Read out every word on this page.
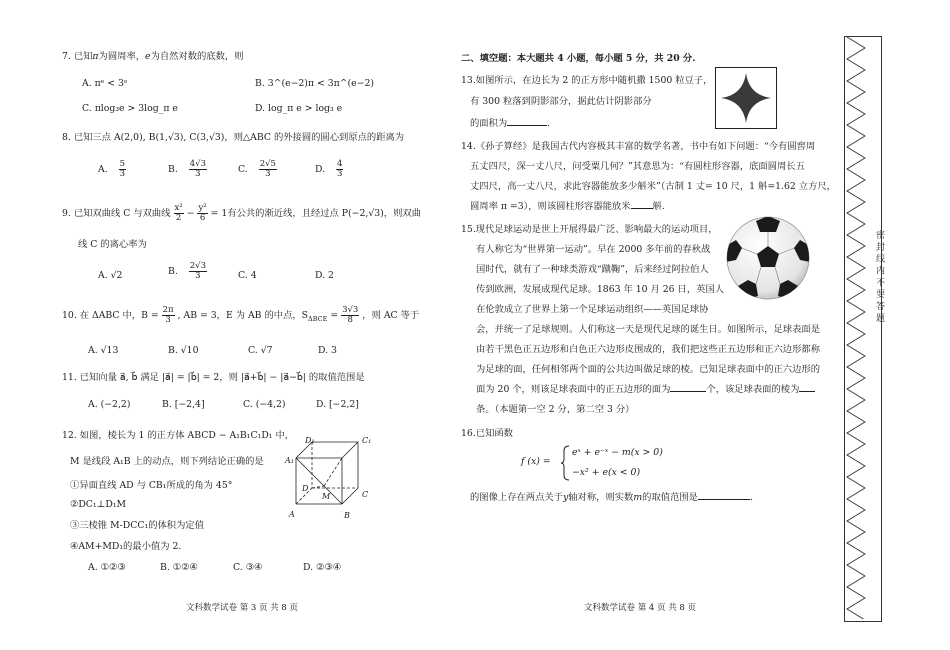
7. 已知π为圆周率，e为自然对数的底数，则
A. πᵉ < 3ᵉ	B. 3^(e−2)π < 3π^(e−2)
C. πlog₃e > 3log_π e	D. log_π e > log₃ e
8. 已知三点 A(2,0), B(1,√3), C(3,√3)，则△ABC 的外接圆的圆心到原点的距离为
A. $\frac{5}{3}$	B. $\frac{4√3}{3}$	C. $\frac{2√5}{3}$	D. $\frac{4}{3}$
9. 已知双曲线 C 与双曲线 $\frac{\text{x²}}{2} - \frac{\text{y²}}{6} = 1$有公共的渐近线，且经过点 P(−2,√3)，则双曲
线 C 的离心率为
A. √2	B. $\frac{2√3}{3}$	C. 4	D. 2
10. 在 ΔABC 中，$B = \frac{2\pi}{3}$ , AB = 3，E 为 AB 的中点，$S_{\Delta BCE} = \frac{3√3}{8}$ ，则 AC 等于
A. √13	B. √10	C. √7	D. 3
11. 已知向量 a⃗, b⃗ 满足 |a⃗| = |b⃗| = 2，则 |a⃗+b⃗| − |a⃗−b⃗| 的取值范围是
A. (−2,2)	B. [−2,4]	C. (−4,2)	D. [−2,2]
12. 如图，棱长为 1 的正方体 ABCD − A₁B₁C₁D₁ 中，
M 是线段 A₁B 上的动点，则下列结论正确的是
①异面直线 AD 与 CB₁所成的角为 45°
②DC₁⊥D₁M
③三棱锥 M-DCC₁的体积为定值
④AM+MD₁的最小值为 2.
A. ①②③	B. ①②④	C. ③④	D. ②③④
D₁	C₁
A₁
D
M	C
A	B
文科数学试卷 第 3 页 共 8 页
二、填空题：本大题共 4 小题，每小题 5 分，共 20 分.
13.如图所示，在边长为 2 的正方形中随机撒 1500 粒豆子，
有 300 粒落到阴影部分，据此估计阴影部分
的面积为	.
14.《孙子算经》是我国古代内容极其丰富的数学名著，书中有如下问题：“今有圆窖周
五丈四尺，深一丈八尺，问受粟几何？”其意思为：“有圆柱形容器，底面圆周长五
丈四尺，高一丈八尺，求此容器能放多少斛米”（古制 1 丈= 10 尺，1 斛=1.62 立方尺，
圆周率 π =3），则该圆柱形容器能放米 斛.
15.现代足球运动是世上开展得最广泛、影响最大的运动项目，
有人称它为“世界第一运动”。早在 2000 多年前的春秋战
国时代，就有了一种球类游戏“蹴鞠”，后来经过阿拉伯人
传到欧洲，发展成现代足球。1863 年 10 月 26 日，英国人
在伦敦成立了世界上第一个足球运动组织——英国足球协
会，并统一了足球规则。人们称这一天是现代足球的诞生日。如图所示，足球表面是
由若干黑色正五边形和白色正六边形皮围成的，我们把这些正五边形和正六边形都称
为足球的面，任何相邻两个面的公共边叫做足球的棱。已知足球表面中的正六边形的
面为 20 个，则该足球表面中的正五边形的面为	个，该足球表面的棱为
条。（本题第一空 2 分，第二空 3 分）
16.已知函数
f (x) =
eˣ + e⁻ˣ − m(x > 0)
−x² + e(x < 0)
的图像上存在两点关于y轴对称，则实数m的取值范围是	.
文科数学试卷 第 4 页 共 8 页
密 封 线 内 不 要 答 题
